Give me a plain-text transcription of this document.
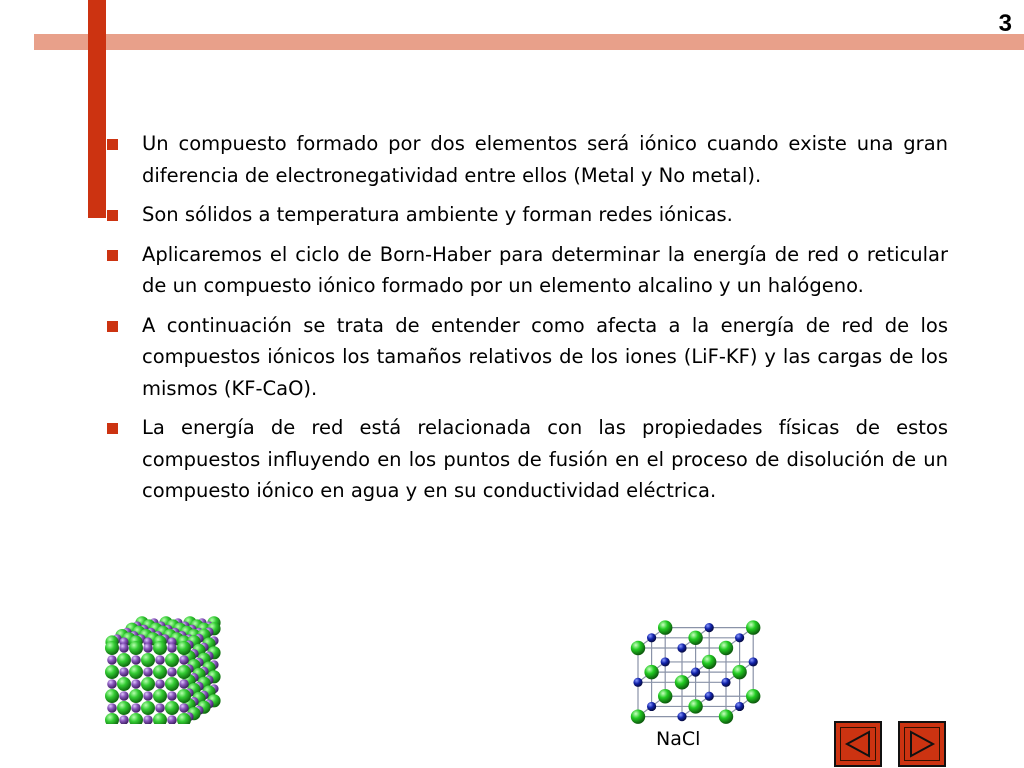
3
Un compuesto formado por dos elementos será iónico cuando existe una gran diferencia de electronegatividad entre ellos (Metal y No metal).
Son sólidos a temperatura ambiente y forman redes iónicas.
Aplicaremos el ciclo de Born-Haber para determinar la energía de red o reticular de un compuesto iónico formado por un elemento alcalino y un halógeno.
A continuación se trata de entender como afecta a la energía de red de los compuestos iónicos los tamaños relativos de los iones (LiF-KF) y las cargas de los mismos (KF-CaO).
La energía de red está relacionada con las propiedades físicas de estos compuestos influyendo en los puntos de fusión en el proceso de disolución de un compuesto iónico en agua y en su conductividad eléctrica.
NaCl
